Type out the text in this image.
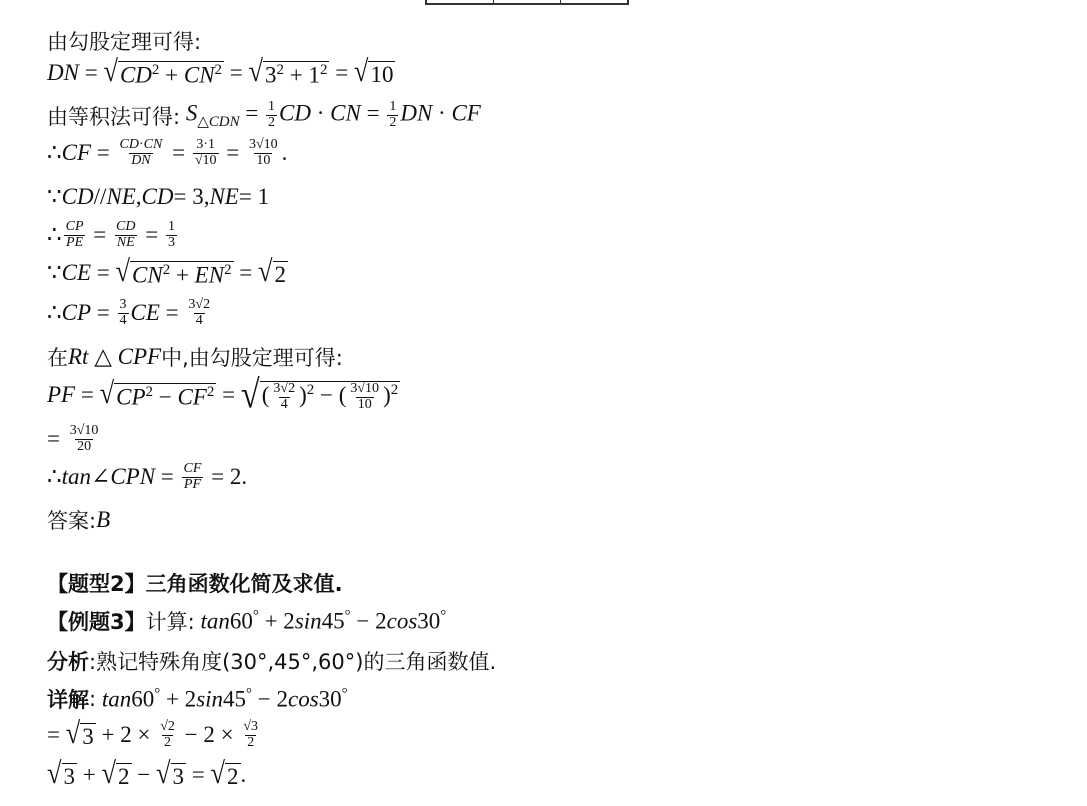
由勾股定理可得:
DN = √ $CD^2 + CN^2$ = √ $3^2 + 1^2$ = √ 10
由等积法可得: $S_{\triangle CDN} = \frac{1}{2}$ CD · CN = $\frac{1}{2}$ DN · CF
∴ CF = $\frac{CD\cdot CN}{DN} = \frac{3\cdot 1}{√10} = \frac{3√10}{10}$ .
∵ CD // NE , CD = 3, NE = 1
∴ $\frac{CP}{PE} = \frac{CD}{NE} = \frac{1}{3}$
∵ CE = √ $CN^2 + EN^2$ = √ 2
∴ CP = $\frac{3}{4}$ CE = $\frac{3√2}{4}$
在 Rt △ CPF 中,由勾股定理可得:
PF = √ $CP^2 - CF^2$ = √ ( $\frac{3√2}{4} )^2$ − ( $\frac{3√10}{10} )^2$
= $\frac{3√10}{20}$
∴ tan ∠ CPN = $\frac{CF}{PF} = 2$.
答案: B
【题型2】三角函数化简及求值.
【例题3】 计算: tan60° + 2sin45° − 2cos30°
分析 :熟记特殊角度(30°,45°,60°)的三角函数值.
详解 : tan60° + 2sin45° − 2cos30°
= √ $3 + 2 \times \frac{√2}{2} - 2 \times \frac{√3}{2}$
√ 3 + √ 2 − √ 3 = √ 2 .
